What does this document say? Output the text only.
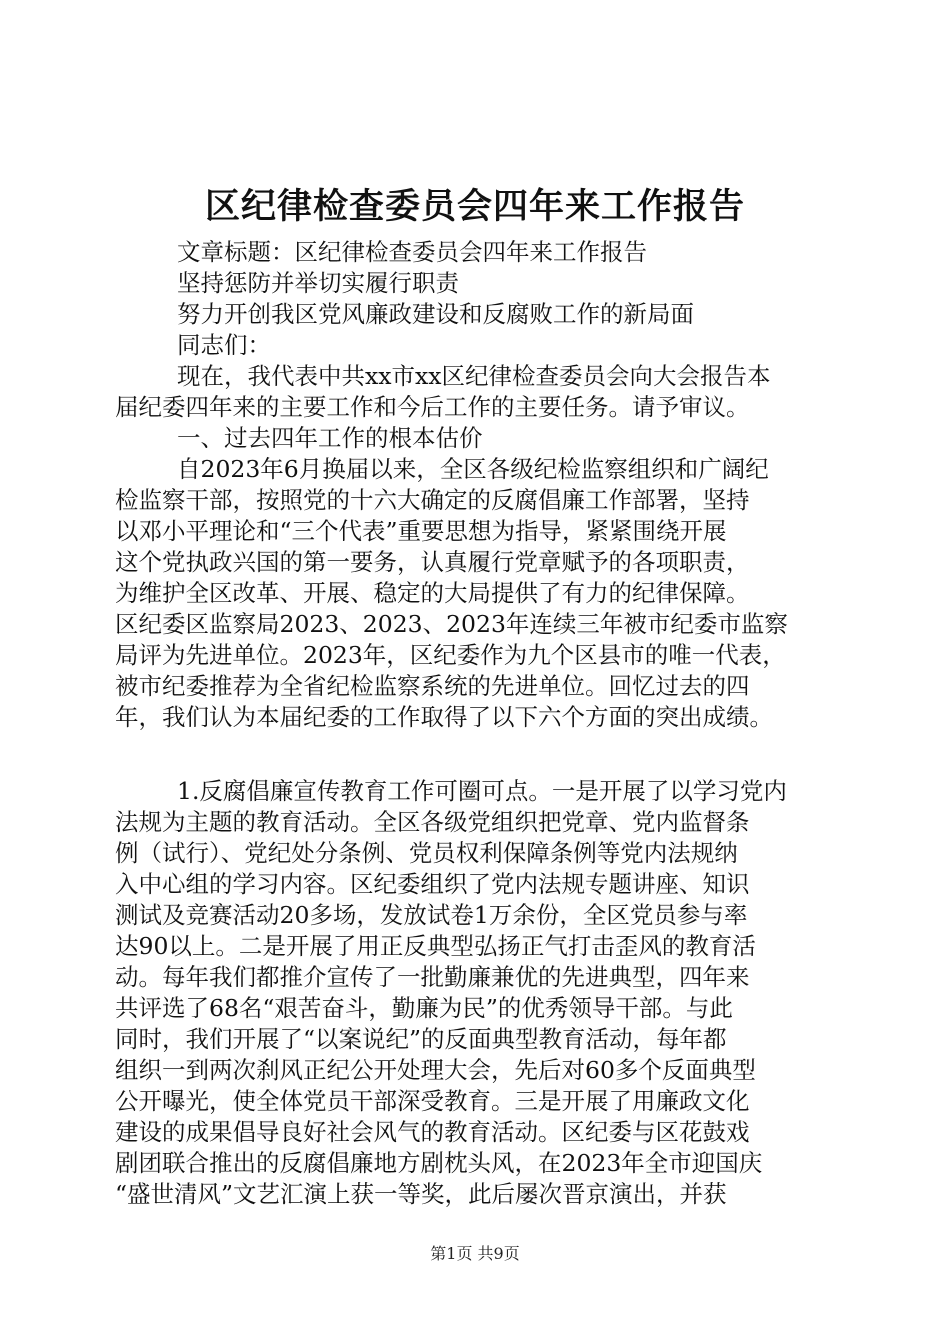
区纪律检查委员会四年来工作报告
文章标题：区纪律检查委员会四年来工作报告
坚持惩防并举切实履行职责
努力开创我区党风廉政建设和反腐败工作的新局面
同志们：
现在，我代表中共xx市xx区纪律检查委员会向大会报告本
届纪委四年来的主要工作和今后工作的主要任务。请予审议。
一、过去四年工作的根本估价
自2023年6月换届以来，全区各级纪检监察组织和广阔纪
检监察干部，按照党的十六大确定的反腐倡廉工作部署，坚持
以邓小平理论和“三个代表”重要思想为指导，紧紧围绕开展
这个党执政兴国的第一要务，认真履行党章赋予的各项职责，
为维护全区改革、开展、稳定的大局提供了有力的纪律保障。
区纪委区监察局2023、2023、2023年连续三年被市纪委市监察
局评为先进单位。2023年，区纪委作为九个区县市的唯一代表，
被市纪委推荐为全省纪检监察系统的先进单位。回忆过去的四
年，我们认为本届纪委的工作取得了以下六个方面的突出成绩。
1.反腐倡廉宣传教育工作可圈可点。一是开展了以学习党内
法规为主题的教育活动。全区各级党组织把党章、党内监督条
例（试行）、党纪处分条例、党员权利保障条例等党内法规纳
入中心组的学习内容。区纪委组织了党内法规专题讲座、知识
测试及竞赛活动20多场，发放试卷1万余份，全区党员参与率
达90以上。二是开展了用正反典型弘扬正气打击歪风的教育活
动。每年我们都推介宣传了一批勤廉兼优的先进典型，四年来
共评选了68名“艰苦奋斗，勤廉为民”的优秀领导干部。与此
同时，我们开展了“以案说纪”的反面典型教育活动，每年都
组织一到两次刹风正纪公开处理大会，先后对60多个反面典型
公开曝光，使全体党员干部深受教育。三是开展了用廉政文化
建设的成果倡导良好社会风气的教育活动。区纪委与区花鼓戏
剧团联合推出的反腐倡廉地方剧枕头风，在2023年全市迎国庆
“盛世清风”文艺汇演上获一等奖，此后屡次晋京演出，并获
第1页 共9页
